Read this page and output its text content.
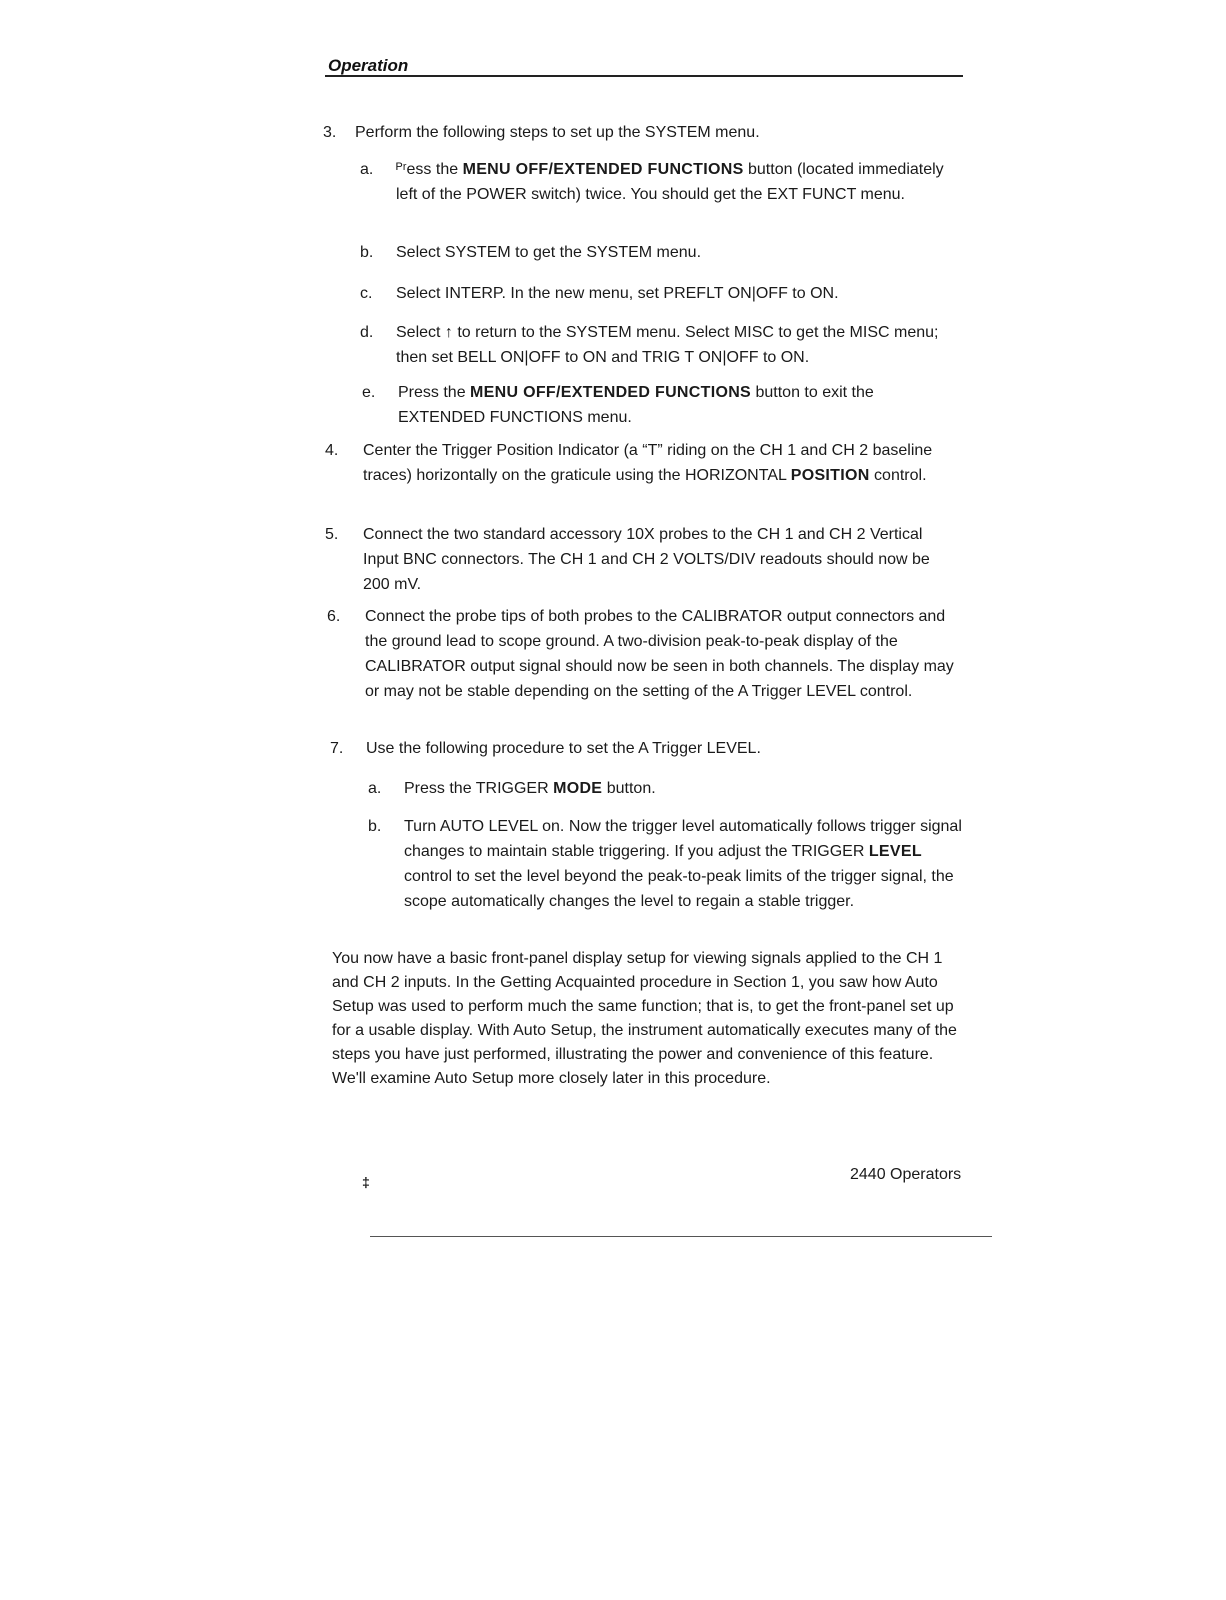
Operation
3. Perform the following steps to set up the SYSTEM menu.
a. ᴾʳess the MENU OFF/EXTENDED FUNCTIONS button (located immediately left of the POWER switch) twice. You should get the EXT FUNCT menu.
b. Select SYSTEM to get the SYSTEM menu.
c. Select INTERP. In the new menu, set PREFLT ON|OFF to ON.
d. Select ↑ to return to the SYSTEM menu. Select MISC to get the MISC menu; then set BELL ON|OFF to ON and TRIG T ON|OFF to ON.
e. Press the MENU OFF/EXTENDED FUNCTIONS button to exit the EXTENDED FUNCTIONS menu.
4. Center the Trigger Position Indicator (a “T” riding on the CH 1 and CH 2 baseline traces) horizontally on the graticule using the HORIZONTAL POSITION control.
5. Connect the two standard accessory 10X probes to the CH 1 and CH 2 Vertical Input BNC connectors. The CH 1 and CH 2 VOLTS/DIV readouts should now be 200 mV.
6. Connect the probe tips of both probes to the CALIBRATOR output connectors and the ground lead to scope ground. A two-division peak-to-peak display of the CALIBRATOR output signal should now be seen in both channels. The display may or may not be stable depending on the setting of the A Trigger LEVEL control.
7. Use the following procedure to set the A Trigger LEVEL.
a. Press the TRIGGER MODE button.
b. Turn AUTO LEVEL on. Now the trigger level automatically follows trigger signal changes to maintain stable triggering. If you adjust the TRIGGER LEVEL control to set the level beyond the peak-to-peak limits of the trigger signal, the scope automatically changes the level to regain a stable trigger.
You now have a basic front-panel display setup for viewing signals applied to the CH 1 and CH 2 inputs. In the Getting Acquainted procedure in Section 1, you saw how Auto Setup was used to perform much the same function; that is, to get the front-panel set up for a usable display. With Auto Setup, the instrument automatically executes many of the steps you have just performed, illustrating the power and convenience of this feature. We'll examine Auto Setup more closely later in this procedure.
‡	2440 Operators
